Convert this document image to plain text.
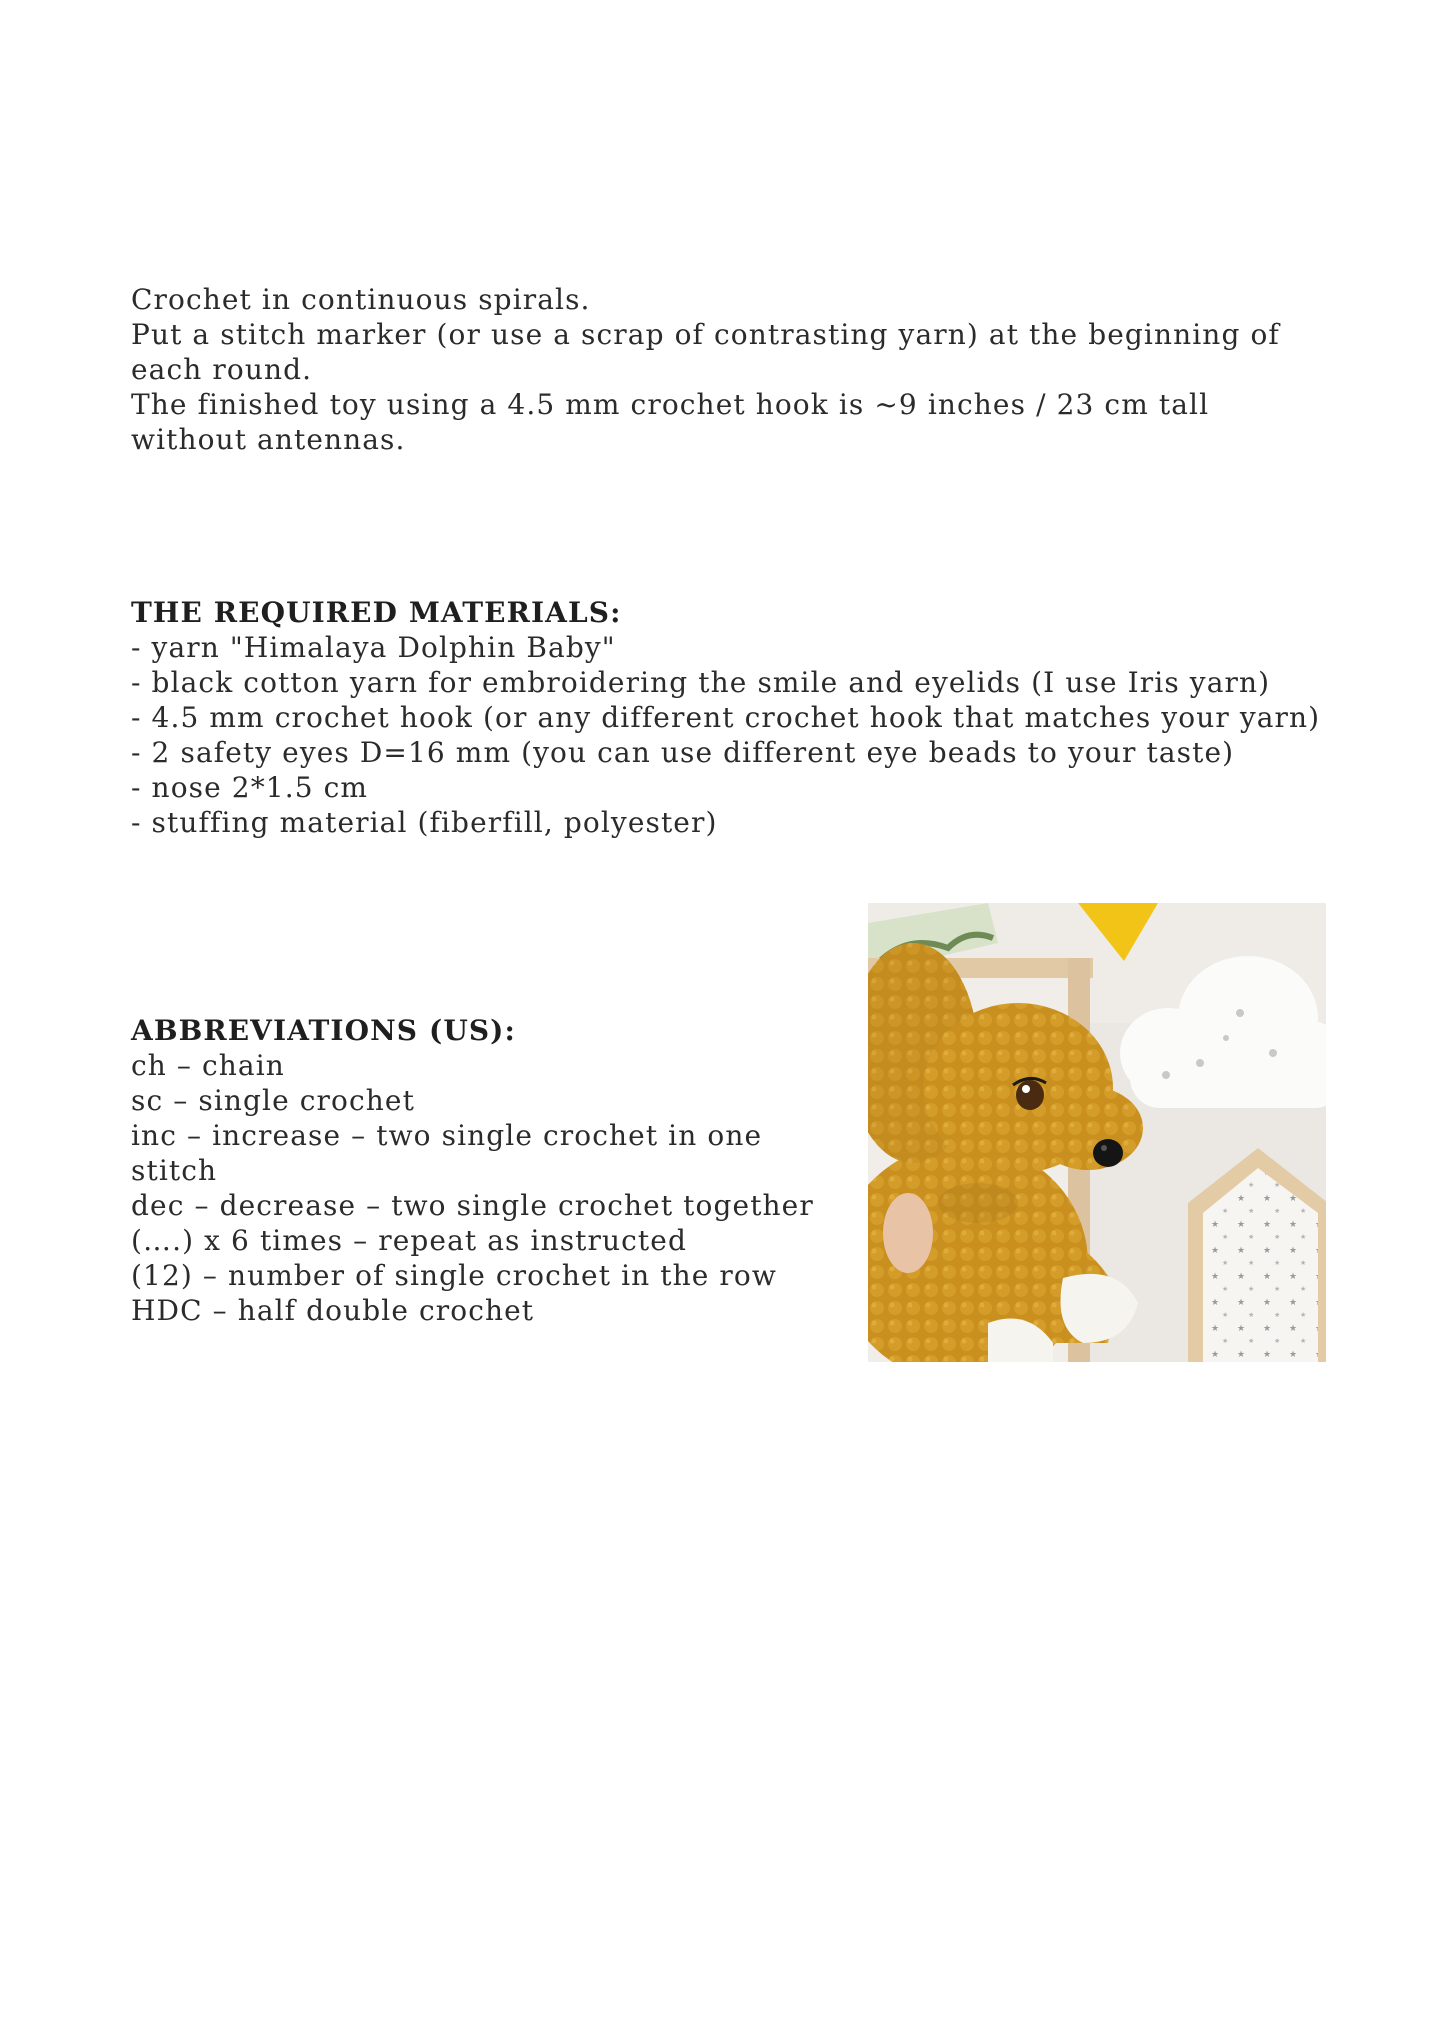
Crochet in continuous spirals.

Put a stitch marker (or use a scrap of contrasting yarn) at the beginning of each round.

The finished toy using a 4.5 mm crochet hook is ~9 inches / 23 cm tall without antennas.

THE REQUIRED MATERIALS:

- yarn "Himalaya Dolphin Baby"

- black cotton yarn for embroidering the smile and eyelids (I use Iris yarn)

- 4.5 mm crochet hook (or any different crochet hook that matches your yarn)

- 2 safety eyes D=16 mm (you can use different eye beads to your taste)

- nose 2*1.5 cm

- stuffing material (fiberfill, polyester)

ABBREVIATIONS (US):

ch – chain

sc – single crochet

inc – increase – two single crochet in one stitch

dec – decrease – two single crochet together

(….) x 6 times – repeat as instructed

(12) – number of single crochet in the row

HDC – half double crochet
